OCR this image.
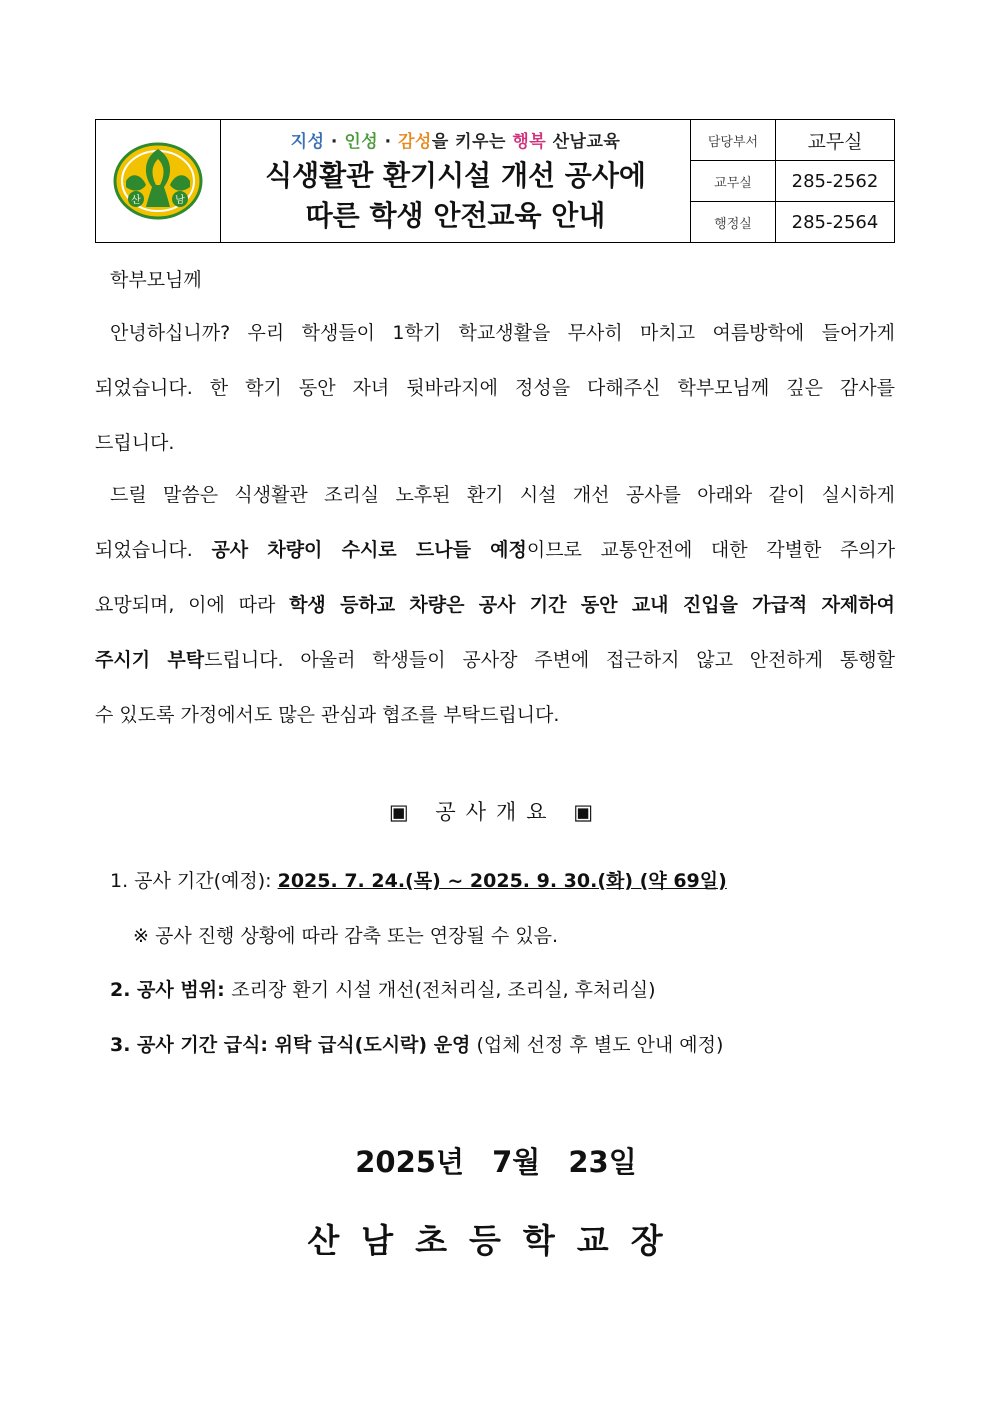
산	남
지성 · 인성 · 감성을 키우는 행복 산남교육
식생활관 환기시설 개선 공사에
따른 학생 안전교육 안내
담당부서	교무실
교무실	285-2562
행정실	285-2564
학부모님께
안녕하십니까? 우리 학생들이 1학기 학교생활을 무사히 마치고 여름방학에 들어가게
되었습니다. 한 학기 동안 자녀 뒷바라지에 정성을 다해주신 학부모님께 깊은 감사를
드립니다.
드릴 말씀은 식생활관 조리실 노후된 환기 시설 개선 공사를 아래와 같이 실시하게
되었습니다. 공사 차량이 수시로 드나들 예정이므로 교통안전에 대한 각별한 주의가
요망되며, 이에 따라 학생 등하교 차량은 공사 기간 동안 교내 진입을 가급적 자제하여
주시기 부탁드립니다. 아울러 학생들이 공사장 주변에 접근하지 않고 안전하게 통행할
수 있도록 가정에서도 많은 관심과 협조를 부탁드립니다.
▣ 공사개요 ▣
1. 공사 기간(예정): 2025. 7. 24.(목) ~ 2025. 9. 30.(화) (약 69일)
※ 공사 진행 상황에 따라 감축 또는 연장될 수 있음.
2. 공사 범위: 조리장 환기 시설 개선(전처리실, 조리실, 후처리실)
3. 공사 기간 급식: 위탁 급식(도시락) 운영 (업체 선정 후 별도 안내 예정)
2025년 7월 23일
산남초등학교장
